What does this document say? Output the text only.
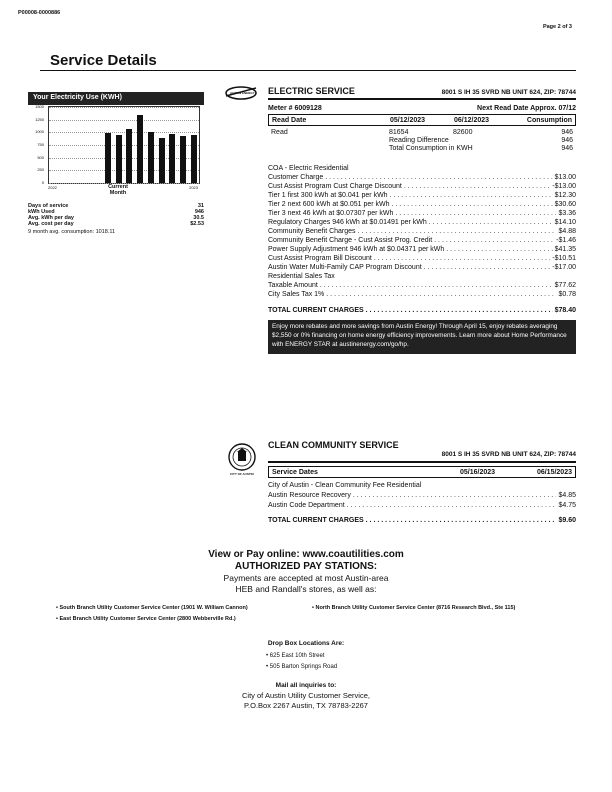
P00008-0000886
Page 2 of 3
Service Details
Your Electricity Use (KWH)
1500
1250
1000
750
500
250
0
2022	2023
Current
Month
Days of service	31
kWh Used	946
Avg. kWh per day	30.5
Avg. cost per day	$2.53
9 month avg. consumption: 1018.11
AUSTIN ENERGY ELECTRIC SERVICE	8001 S IH 35 SVRD NB UNIT 624, ZIP: 78744
Meter # 6009128	Next Read Date Approx. 07/12
Read Date	05/12/2023	06/12/2023	Consumption
Read	81654	82600	946
Reading Difference	946
Total Consumption in KWH	946
COA - Electric Residential
Customer Charge . . .	$13.00
Cust Assist Program Cust Charge Discount . . .	-$13.00
Tier 1 first 300 kWh at $0.041 per kWh . . .	$12.30
Tier 2 next 600 kWh at $0.051 per kWh . . .	$30.60
Tier 3 next 46 kWh at $0.07307 per kWh . . .	$3.36
Regulatory Charges 946 kWh at $0.01491 per kWh . . .	$14.10
Community Benefit Charges . . .	$4.88
Community Benefit Charge - Cust Assist Prog. Credit . . .	-$1.46
Power Supply Adjustment 946 kWh at $0.04371 per kWh . . .	$41.35
Cust Assist Program Bill Discount . . .	-$10.51
Austin Water Multi-Family CAP Program Discount . . .	-$17.00
Residential Sales Tax
Taxable Amount . . .	$77.62
City Sales Tax 1% . . .	$0.78
TOTAL CURRENT CHARGES . . .	$78.40
Enjoy more rebates and more savings from Austin Energy! Through April 15, enjoy rebates averaging $2,550 or 0% financing on home energy efficiency improvements. Learn more about Home Performance with ENERGY STAR at austinenergy.com/go/hp.
CITY OF AUSTIN
CLEAN COMMUNITY SERVICE
8001 S IH 35 SVRD NB UNIT 624, ZIP: 78744
Service Dates	05/16/2023	06/15/2023
City of Austin - Clean Community Fee Residential
Austin Resource Recovery . . .	$4.85
Austin Code Department . . .	$4.75
TOTAL CURRENT CHARGES . . .	$9.60
View or Pay online: www.coautilities.com
AUTHORIZED PAY STATIONS:
Payments are accepted at most Austin-area
HEB and Randall's stores, as well as:
• South Branch Utility Customer Service Center (1901 W. William Cannon)	• North Branch Utility Customer Service Center (8716 Research Blvd., Ste 115)
• East Branch Utility Customer Service Center (2800 Webberville Rd.)
Drop Box Locations Are:
• 625 East 10th Street
• 505 Barton Springs Road
Mail all inquiries to:
City of Austin Utility Customer Service,
P.O.Box 2267 Austin, TX 78783-2267
